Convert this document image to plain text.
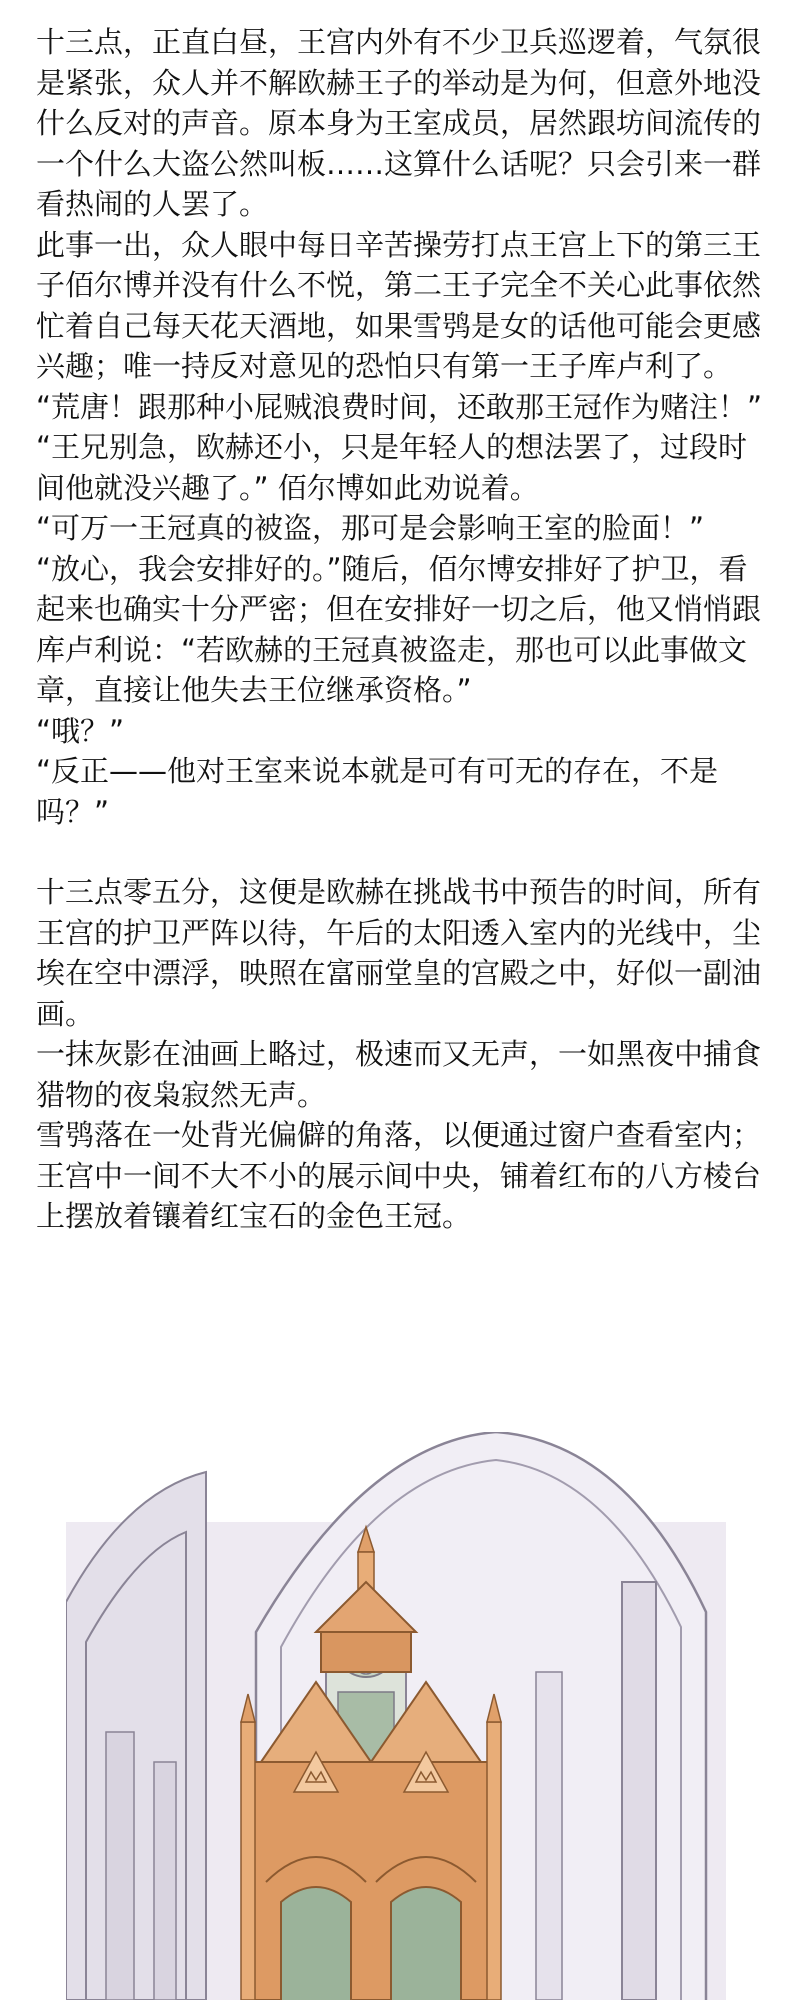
十三点，正直白昼，王宫内外有不少卫兵巡逻着，气氛很是紧张，众人并不解欧赫王子的举动是为何，但意外地没什么反对的声音。原本身为王室成员，居然跟坊间流传的一个什么大盗公然叫板……这算什么话呢？只会引来一群看热闹的人罢了。

此事一出，众人眼中每日辛苦操劳打点王宫上下的第三王子佰尔博并没有什么不悦，第二王子完全不关心此事依然忙着自己每天花天酒地，如果雪鸮是女的话他可能会更感兴趣；唯一持反对意见的恐怕只有第一王子库卢利了。

“荒唐！跟那种小屁贼浪费时间，还敢那王冠作为赌注！”

“王兄别急，欧赫还小，只是年轻人的想法罢了，过段时间他就没兴趣了。” 佰尔博如此劝说着。

“可万一王冠真的被盗，那可是会影响王室的脸面！”

“放心，我会安排好的。”随后，佰尔博安排好了护卫，看起来也确实十分严密；但在安排好一切之后，他又悄悄跟库卢利说：“若欧赫的王冠真被盗走，那也可以此事做文章，直接让他失去王位继承资格。”

“哦？”

“反正——他对王室来说本就是可有可无的存在，不是吗？”

十三点零五分，这便是欧赫在挑战书中预告的时间，所有王宫的护卫严阵以待，午后的太阳透入室内的光线中，尘埃在空中漂浮，映照在富丽堂皇的宫殿之中，好似一副油画。

一抹灰影在油画上略过，极速而又无声，一如黑夜中捕食猎物的夜枭寂然无声。

雪鸮落在一处背光偏僻的角落，以便通过窗户查看室内；王宫中一间不大不小的展示间中央，铺着红布的八方棱台上摆放着镶着红宝石的金色王冠。
